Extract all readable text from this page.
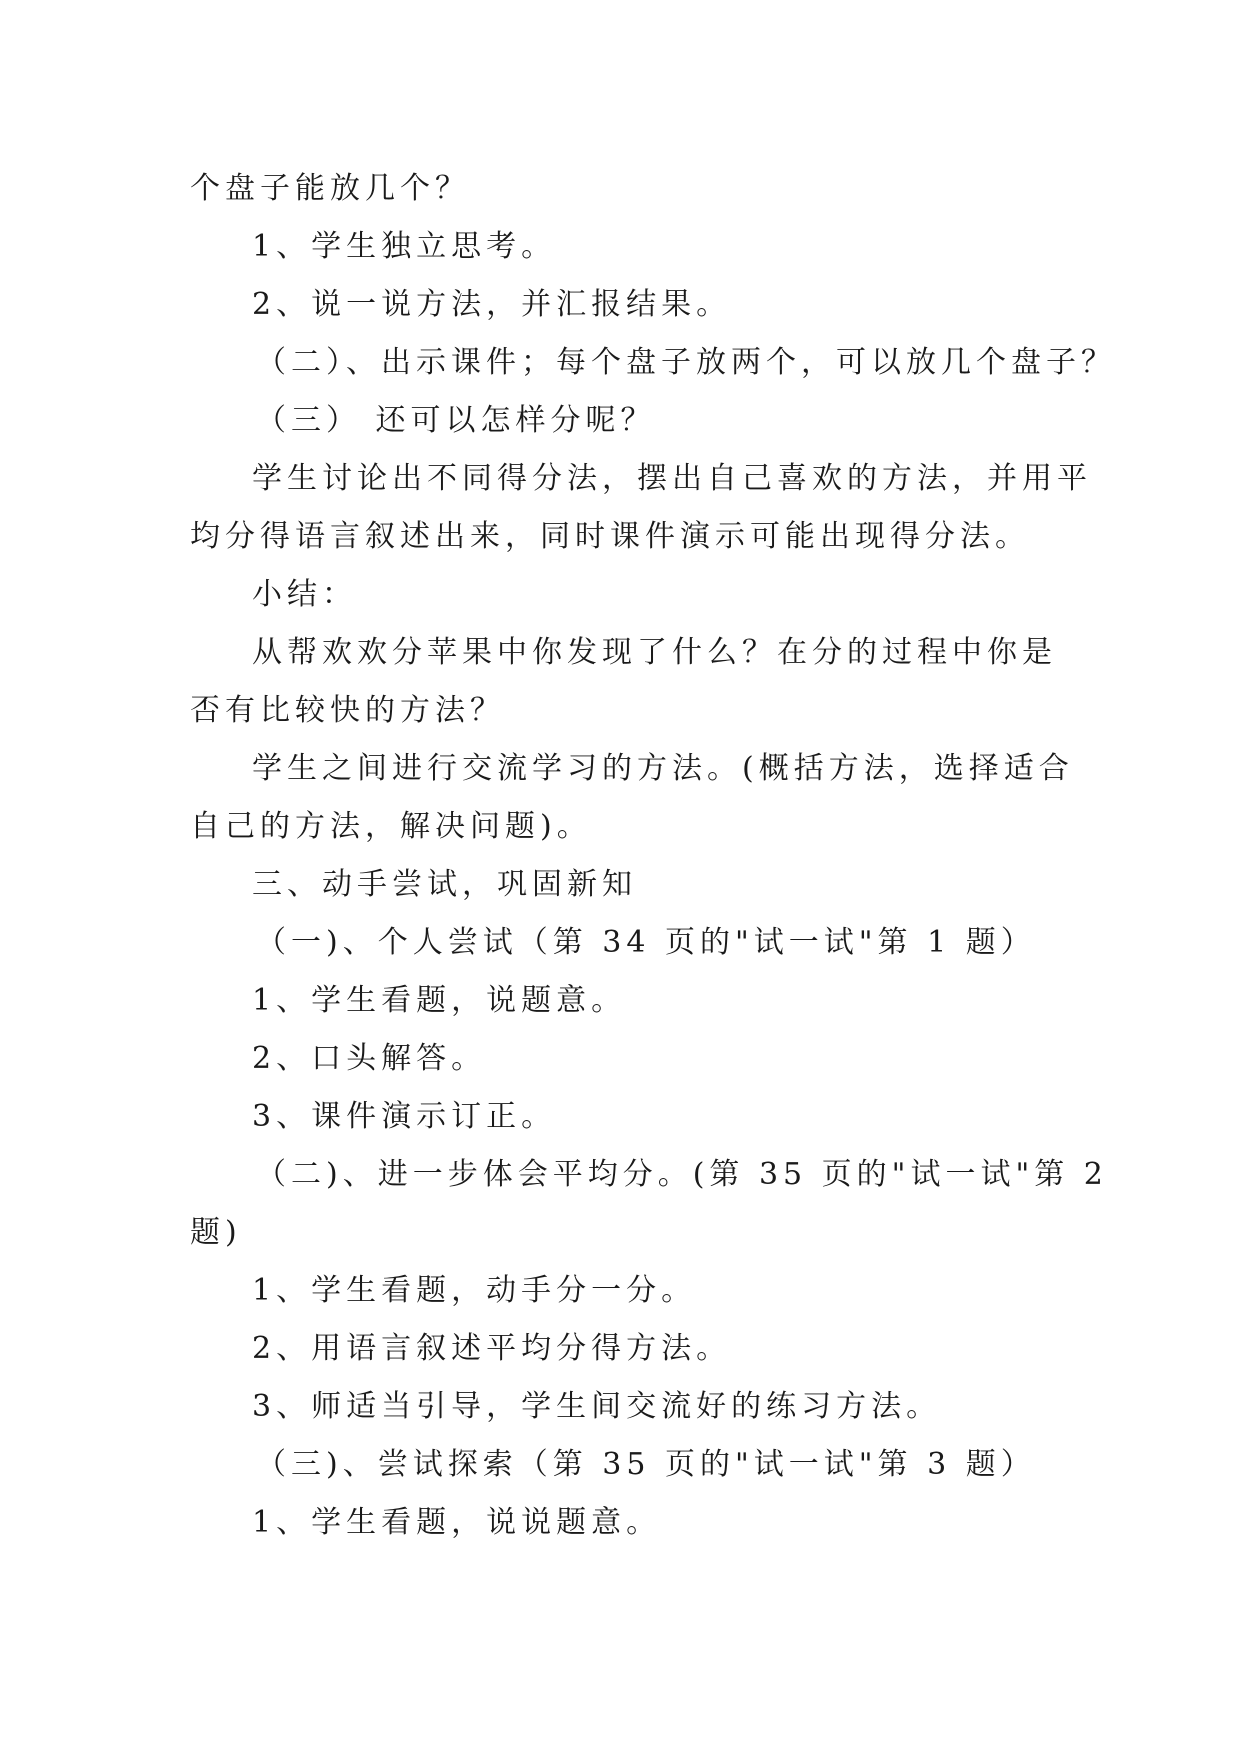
个盘子能放几个？
1、学生独立思考。
2、说一说方法，并汇报结果。
（二）、出示课件；每个盘子放两个，可以放几个盘子？
（三） 还可以怎样分呢？
学生讨论出不同得分法，摆出自己喜欢的方法，并用平
均分得语言叙述出来，同时课件演示可能出现得分法。
小结：
从帮欢欢分苹果中你发现了什么？在分的过程中你是
否有比较快的方法？
学生之间进行交流学习的方法。(概括方法，选择适合
自己的方法，解决问题)。
三、动手尝试，巩固新知
（一)、个人尝试（第 34 页的"试一试"第 1 题）
1、学生看题，说题意。
2、口头解答。
3、课件演示订正。
（二)、进一步体会平均分。(第 35 页的"试一试"第 2
题)
1、学生看题，动手分一分。
2、用语言叙述平均分得方法。
3、师适当引导，学生间交流好的练习方法。
（三)、尝试探索（第 35 页的"试一试"第 3 题）
1、学生看题，说说题意。
